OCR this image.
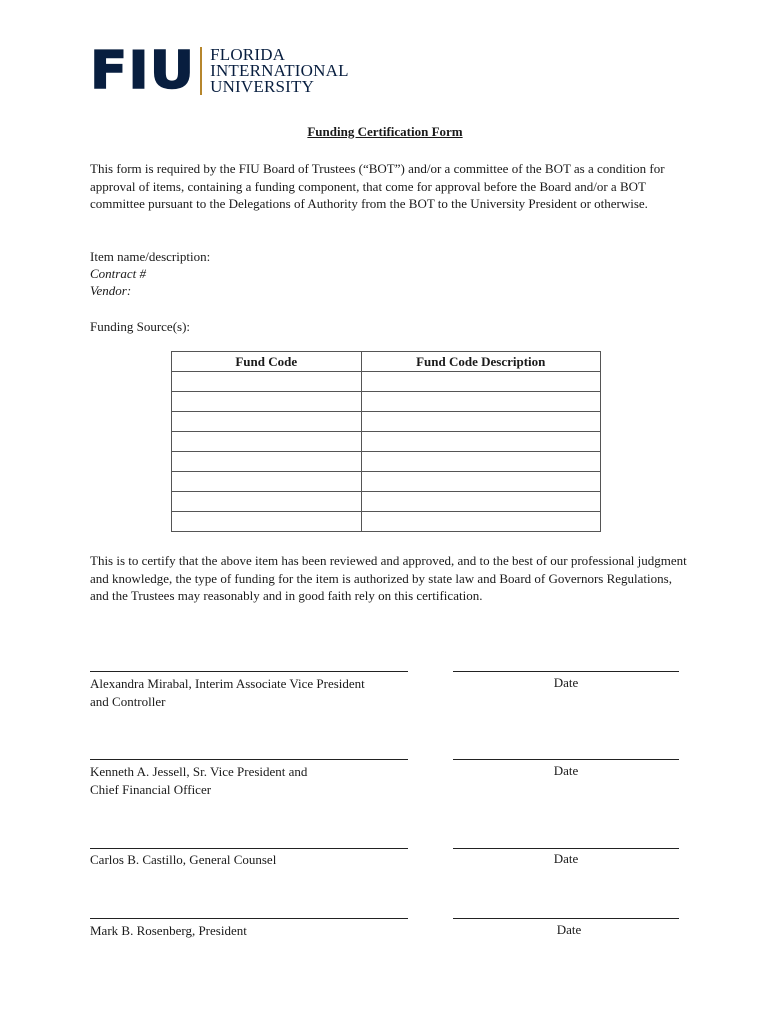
FIU FLORIDA
INTERNATIONAL
UNIVERSITY
Funding Certification Form
This form is required by the FIU Board of Trustees (“BOT”) and/or a committee of the BOT as a condition for approval of items, containing a funding component, that come for approval before the Board and/or a BOT committee pursuant to the Delegations of Authority from the BOT to the University President or otherwise.
Item name/description:
Contract #
Vendor:
Funding Source(s):
Fund Code	Fund Code Description

This is to certify that the above item has been reviewed and approved, and to the best of our professional judgment and knowledge, the type of funding for the item is authorized by state law and Board of Governors Regulations, and the Trustees may reasonably and in good faith rely on this certification.
Alexandra Mirabal, Interim Associate Vice President
and Controller
Date
Kenneth A. Jessell, Sr. Vice President and
Chief Financial Officer
Date
Carlos B. Castillo, General Counsel	Date
Mark B. Rosenberg, President	Date
